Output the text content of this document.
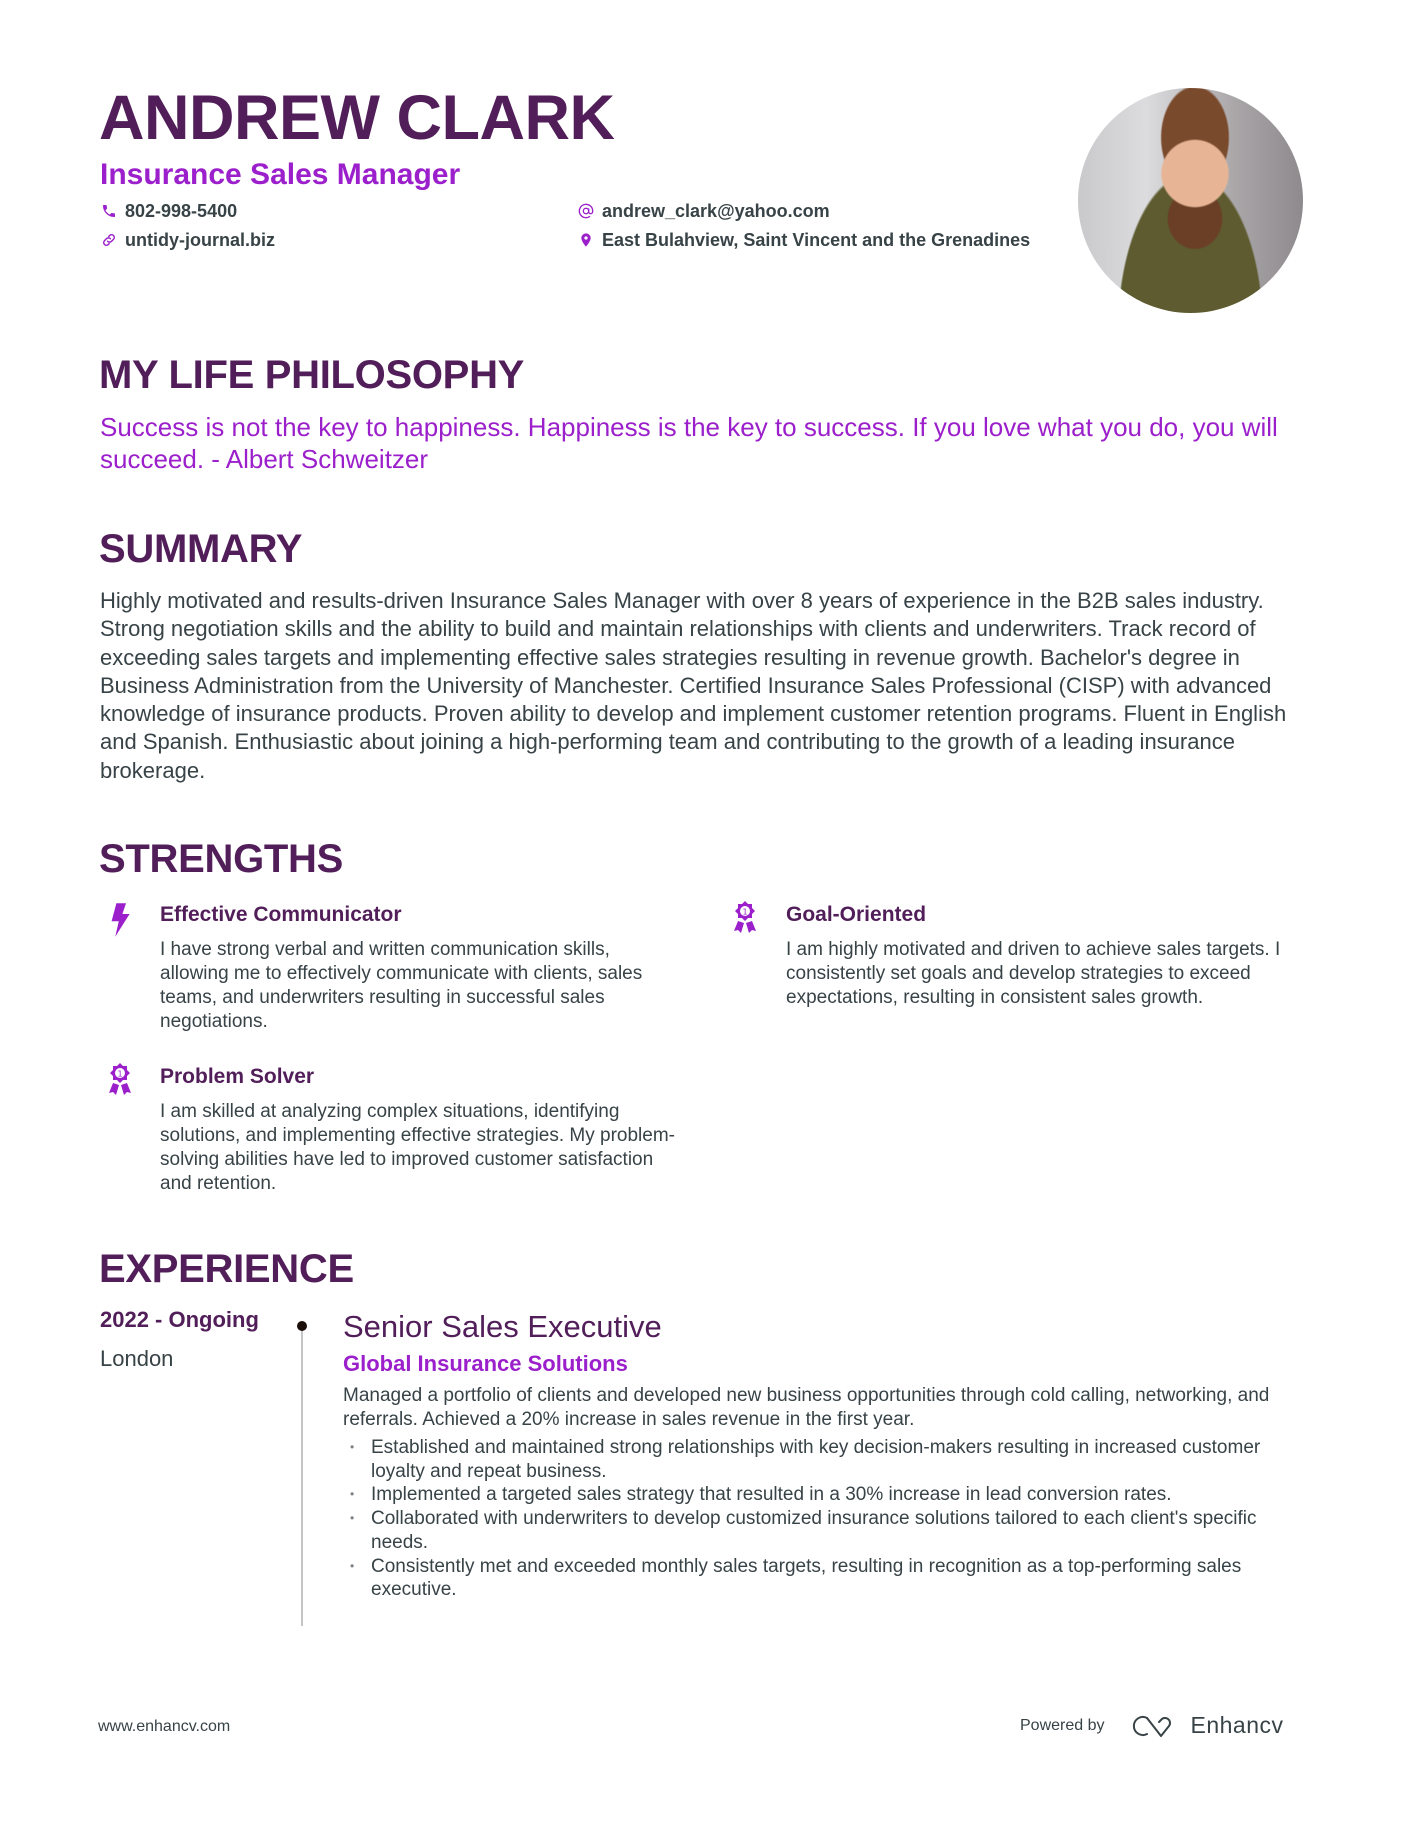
ANDREW CLARK
Insurance Sales Manager
802-998-5400
untidy-journal.biz
andrew_clark@yahoo.com
East Bulahview, Saint Vincent and the Grenadines
MY LIFE PHILOSOPHY
Success is not the key to happiness. Happiness is the key to success. If you love what you do, you will succeed. - Albert Schweitzer
SUMMARY
Highly motivated and results-driven Insurance Sales Manager with over 8 years of experience in the B2B sales industry. Strong negotiation skills and the ability to build and maintain relationships with clients and underwriters. Track record of exceeding sales targets and implementing effective sales strategies resulting in revenue growth. Bachelor's degree in Business Administration from the University of Manchester. Certified Insurance Sales Professional (CISP) with advanced knowledge of insurance products. Proven ability to develop and implement customer retention programs. Fluent in English and Spanish. Enthusiastic about joining a high-performing team and contributing to the growth of a leading insurance brokerage.
STRENGTHS
Effective Communicator
I have strong verbal and written communication skills, allowing me to effectively communicate with clients, sales teams, and underwriters resulting in successful sales negotiations.
1 Goal-Oriented
I am highly motivated and driven to achieve sales targets. I consistently set goals and develop strategies to exceed expectations, resulting in consistent sales growth.
1 Problem Solver
I am skilled at analyzing complex situations, identifying solutions, and implementing effective strategies. My problem-solving abilities have led to improved customer satisfaction and retention.
EXPERIENCE
2022 - Ongoing
London
Senior Sales Executive
Global Insurance Solutions
Managed a portfolio of clients and developed new business opportunities through cold calling, networking, and referrals. Achieved a 20% increase in sales revenue in the first year.
• Established and maintained strong relationships with key decision-makers resulting in increased customer loyalty and repeat business.
• Implemented a targeted sales strategy that resulted in a 30% increase in lead conversion rates.
• Collaborated with underwriters to develop customized insurance solutions tailored to each client's specific needs.
• Consistently met and exceeded monthly sales targets, resulting in recognition as a top-performing sales executive.
www.enhancv.com	Powered by	Enhancv
